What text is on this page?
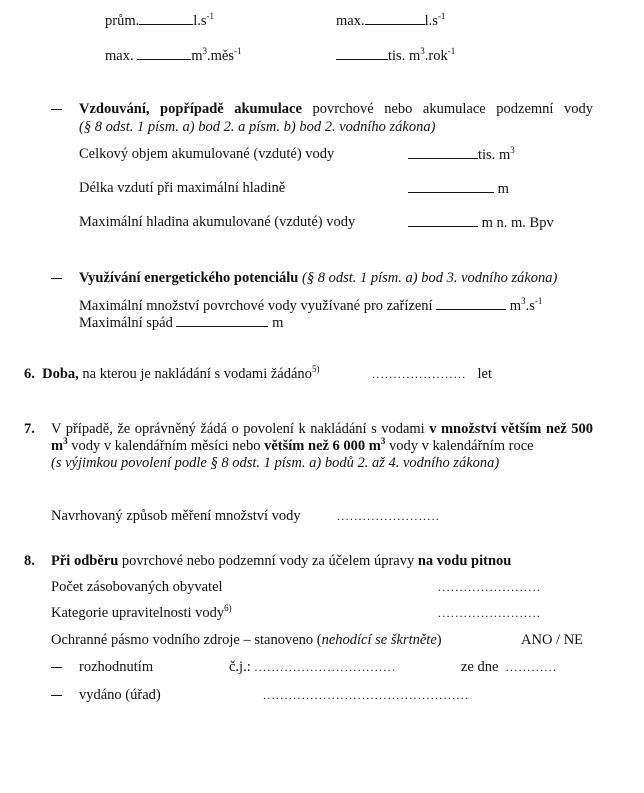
prům.	$l.s^{-1}$	max.	$l.s^{-1}$
max.	$m^3.měs^{-1}$	tis. $m^3.rok^{-1}$
Vzdouvání, popřípadě akumulace povrchové nebo akumulace podzemní vody
(§ 8 odst. 1 písm. a) bod 2. a písm. b) bod 2. vodního zákona)
Celkový objem akumulované (vzduté) vody	tis. $m^3$
Délka vzdutí při maximální hladině	m
Maximální hladina akumulované (vzduté) vody	m n. m. Bpv
Využívání energetického potenciálu (§ 8 odst. 1 písm. a) bod 3. vodního zákona)
Maximální množství povrchové vody využívané pro zařízení	$m^3.s^{-1}$
Maximální spád	m
6. Doba, na kterou je nakládání s vodami žádáno$^{5)}$	...................... let
7. V případě, že oprávněný žádá o povolení k nakládání s vodami v množství větším než 500 $m^3$ vody v kalendářním měsíci nebo větším než 6 000 $m^3$ vody v kalendářním roce
(s výjimkou povolení podle § 8 odst. 1 písm. a) bodů 2. až 4. vodního zákona)
Navrhovaný způsob měření množství vody	........................
8. Při odběru povrchové nebo podzemní vody za účelem úpravy na vodu pitnou
Počet zásobovaných obyvatel	........................
Kategorie upravitelnosti vody$^{6)}$	........................
Ochranné pásmo vodního zdroje – stanoveno (nehodící se škrtněte)	ANO / NE
rozhodnutím	č.j.: .................................	ze dne ............
vydáno (úřad)	................................................
